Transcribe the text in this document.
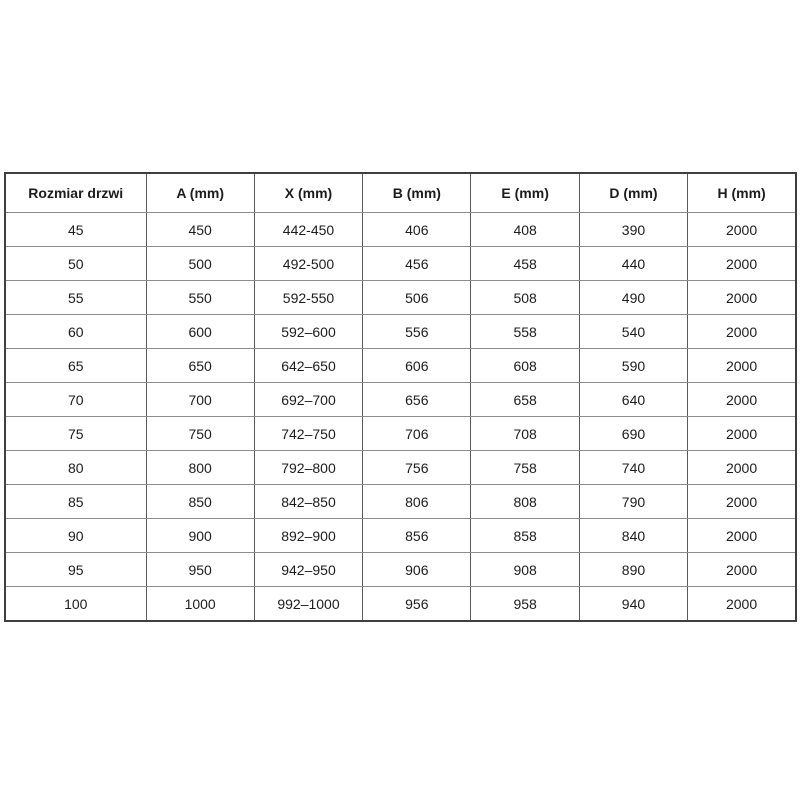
Rozmiar drzwi	A (mm)	X (mm)	B (mm)	E (mm)	D (mm)	H (mm)
45	450	442-450	406	408	390	2000
50	500	492-500	456	458	440	2000
55	550	592-550	506	508	490	2000
60	600	592–600	556	558	540	2000
65	650	642–650	606	608	590	2000
70	700	692–700	656	658	640	2000
75	750	742–750	706	708	690	2000
80	800	792–800	756	758	740	2000
85	850	842–850	806	808	790	2000
90	900	892–900	856	858	840	2000
95	950	942–950	906	908	890	2000
100	1000	992–1000	956	958	940	2000
